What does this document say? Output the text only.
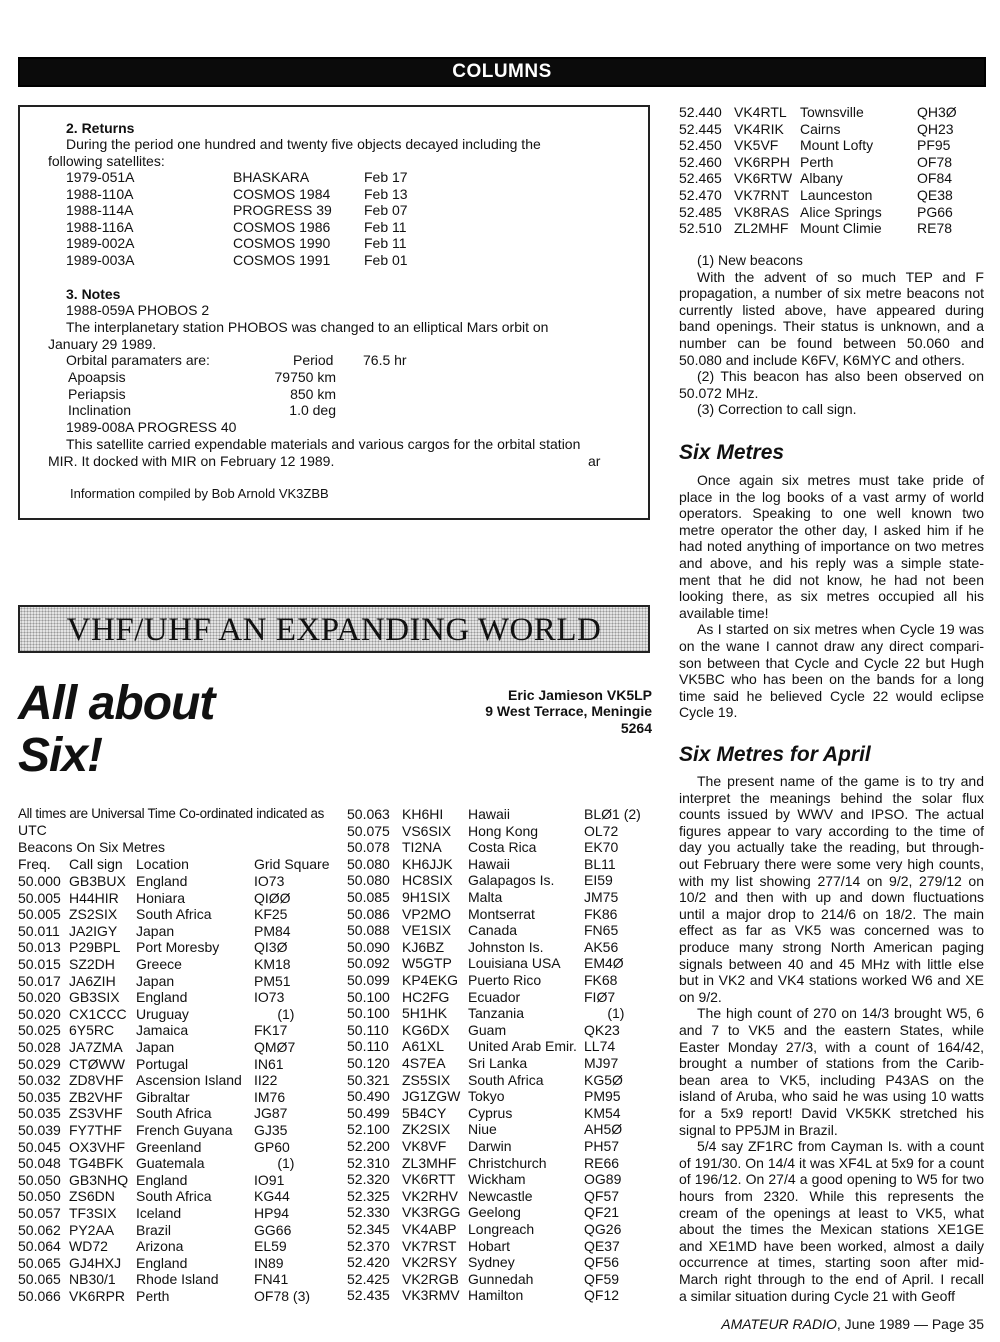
COLUMNS
2. Returns
During the period one hundred and twenty five objects decayed including the
following satellites:
1979-051A	BHASKARA	Feb 17
1988-110A	COSMOS 1984 Feb 13
1988-114A	PROGRESS 39 Feb 07
1988-116A	COSMOS 1986 Feb 11
1989-002A	COSMOS 1990 Feb 11
1989-003A	COSMOS 1991 Feb 01
3. Notes
1988-059A PHOBOS 2
The interplanetary station PHOBOS was changed to an elliptical Mars orbit on
January 29 1989.
Orbital paramaters are:	Period 76.5 hr
Apoapsis	79750 km
Periapsis	850 km
Inclination	1.0 deg
1989-008A PROGRESS 40
This satellite carried expendable materials and various cargos for the orbital station
MIR. It docked with MIR on February 12 1989.	ar
Information compiled by Bob Arnold VK3ZBB
VHF/UHF AN EXPANDING WORLD
All about
Six!
Eric Jamieson VK5LP
9 West Terrace, Meningie
5264
All times are Universal Time Co-ordinated indicated as
UTC
Beacons On Six Metres
Freq. Call sign Location	Grid Square
50.000 GB3BUX England	IO73
50.005 H44HIR Honiara	QIØØ
50.005 ZS2SIX South Africa	KF25
50.011 JA2IGY Japan	PM84
50.013 P29BPL Port Moresby QI3Ø
50.015 SZ2DH Greece	KM18
50.017 JA6ZIH Japan	PM51
50.020 GB3SIX England	IO73
50.020 CX1CCC Uruguay	(1)
50.025 6Y5RC Jamaica	FK17
50.028 JA7ZMA Japan	QMØ7
50.029 CTØWW Portugal	IN61
50.032 ZD8VHF Ascension Island II22
50.035 ZB2VHF Gibraltar	IM76
50.035 ZS3VHF South Africa	JG87
50.039 FY7THF French Guyana GJ35
50.045 OX3VHF Greenland	GP60
50.048 TG4BFK Guatemala	(1)
50.050 GB3NHQ England	IO91
50.050 ZS6DN South Africa	KG44
50.057 TF3SIX Iceland	HP94
50.062 PY2AA Brazil	GG66
50.064 WD72 Arizona	EL59
50.065 GJ4HXJ England	IN89
50.065 NB30/1 Rhode Island	FN41
50.066 VK6RPR Perth	OF78 (3)
50.063 KH6HI Hawaii	BLØ1 (2)
50.075 VS6SIX Hong Kong	OL72
50.078 TI2NA Costa Rica	EK70
50.080 KH6JJK Hawaii	BL11
50.080 HC8SIX Galapagos Is. EI59
50.085 9H1SIX Malta	JM75
50.086 VP2MO Montserrat	FK86
50.088 VE1SIX Canada	FN65
50.090 KJ6BZ Johnston Is.	AK56
50.092 W5GTP Louisiana USA EM4Ø
50.099 KP4EKG Puerto Rico	FK68
50.100 HC2FG Ecuador	FIØ7
50.100 5H1HK Tanzania	(1)
50.110 KG6DX Guam	QK23
50.110 A61XL United Arab Emir. LL74
50.120 4S7EA Sri Lanka	MJ97
50.321 ZS5SIX South Africa	KG5Ø
50.490 JG1ZGW Tokyo	PM95
50.499 5B4CY Cyprus	KM54
52.100 ZK2SIX Niue	AH5Ø
52.200 VK8VF Darwin	PH57
52.310 ZL3MHF Christchurch	RE66
52.320 VK6RTT Wickham	OG89
52.325 VK2RHV Newcastle	QF57
52.330 VK3RGG Geelong	QF21
52.345 VK4ABP Longreach	QG26
52.370 VK7RST Hobart	QE37
52.420 VK2RSY Sydney	QF56
52.425 VK2RGB Gunnedah	QF59
52.435 VK3RMV Hamilton	QF12
52.440 VK4RTL Townsville	QH3Ø
52.445 VK4RIK Cairns	QH23
52.450 VK5VF Mount Lofty	PF95
52.460 VK6RPH Perth	OF78
52.465 VK6RTW Albany	OF84
52.470 VK7RNT Launceston	QE38
52.485 VK8RAS Alice Springs	PG66
52.510 ZL2MHF Mount Climie	RE78
(1) New beacons
With the advent of so much TEP and F
propagation, a number of six metre beacons not
currently listed above, have appeared during
band openings. Their status is unknown, and a
number can be found between 50.060 and
50.080 and include K6FV, K6MYC and others.
(2) This beacon has also been observed on
50.072 MHz.
(3) Correction to call sign.
Six Metres
Once again six metres must take pride of
place in the log books of a vast army of world
operators. Speaking to one well known two
metre operator the other day, I asked him if he
had noted anything of importance on two metres
and above, and his reply was a simple state-
ment that he did not know, he had not been
looking there, as six metres occupied all his
available time!
As I started on six metres when Cycle 19 was
on the wane I cannot draw any direct compari-
son between that Cycle and Cycle 22 but Hugh
VK5BC who has been on the bands for a long
time said he believed Cycle 22 would eclipse
Cycle 19.
Six Metres for April
The present name of the game is to try and
interpret the meanings behind the solar flux
counts issued by WWV and IPSO. The actual
figures appear to vary according to the time of
day you actually take the reading, but through-
out February there were some very high counts,
with my list showing 277/14 on 9/2, 279/12 on
10/2 and then with up and down fluctuations
until a major drop to 214/6 on 18/2. The main
effect as far as VK5 was concerned was to
produce many strong North American paging
signals between 40 and 45 MHz with little else
but in VK2 and VK4 stations worked W6 and XE
on 9/2.
The high count of 270 on 14/3 brought W5, 6
and 7 to VK5 and the eastern States, while
Easter Monday 27/3, with a count of 164/42,
brought a number of stations from the Carib-
bean area to VK5, including P43AS on the
island of Aruba, who said he was using 10 watts
for a 5x9 report! David VK5KK stretched his
signal to PP5JM in Brazil.
5/4 say ZF1RC from Cayman Is. with a count
of 191/30. On 14/4 it was XF4L at 5x9 for a count
of 196/12. On 27/4 a good opening to W5 for two
hours from 2320. While this represents the
cream of the openings at least to VK5, what
about the times the Mexican stations XE1GE
and XE1MD have been worked, almost a daily
occurrence at times, starting soon after mid-
March right through to the end of April. I recall
a similar situation during Cycle 21 with Geoff
AMATEUR RADIO, June 1989 — Page 35
